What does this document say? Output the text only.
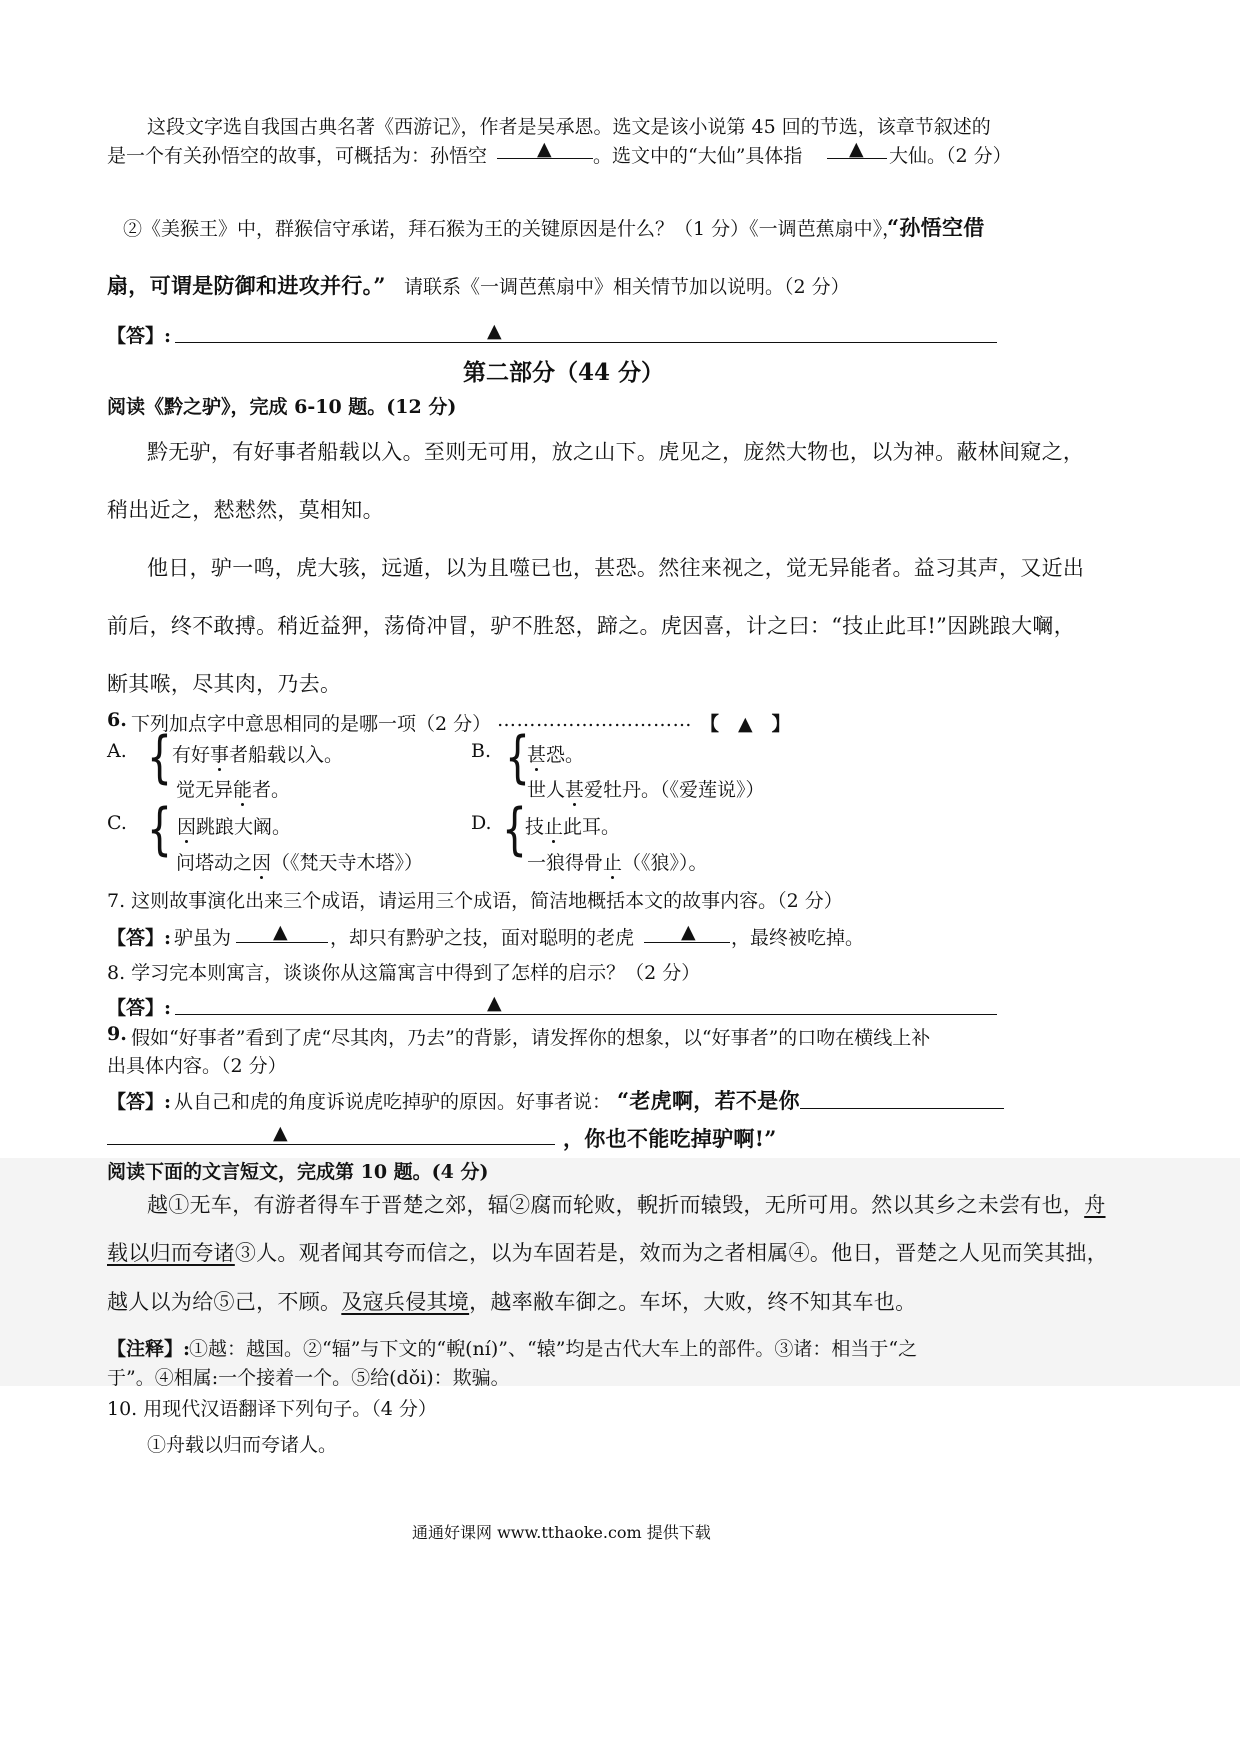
这段文字选自我国古典名著《西游记》，作者是吴承恩。选文是该小说第 45 回的节选，该章节叙述的
是一个有关孙悟空的故事，可概括为：孙悟空	▲ 。选文中的“大仙”具体指 ▲ 大仙。（2 分）
②《美猴王》中，群猴信守承诺，拜石猴为王的关键原因是什么？（1 分）《一调芭蕉扇中》，
“孙悟空借
扇，可谓是防御和进攻并行。” 请联系《一调芭蕉扇中》相关情节加以说明。（2 分）
【答】:	▲
第二部分（44 分）
阅读《黔之驴》，完成 6-10 题。(12 分)
黔无驴，有好事者船载以入。至则无可用，放之山下。虎见之，庞然大物也，以为神。蔽林间窥之，
稍出近之，慭慭然，莫相知。
他日，驴一鸣，虎大骇，远遁，以为且噬已也，甚恐。然往来视之，觉无异能者。益习其声，又近出
前后，终不敢搏。稍近益狎，荡倚冲冒，驴不胜怒，蹄之。虎因喜，计之曰：“技止此耳!”因跳踉大㘎，
断其喉，尽其肉，乃去。
6. 下列加点字中意思相同的是哪一项（2 分） ………………………… 【　▲　】
A. { 有好事者船载以入。
觉无异能者。
B. {
甚恐。
世人甚爱牡丹。（《爱莲说》）
C. { 因跳踉大阚。
问塔动之因（《梵天寺木塔》）
D. {
技止此耳。
一狼得骨止（《狼》）。
7. 这则故事演化出来三个成语，请运用三个成语，简洁地概括本文的故事内容。（2 分）
【答】: 驴虽为 ▲ ，却只有黔驴之技，面对聪明的老虎 ▲ ，最终被吃掉。
8. 学习完本则寓言，谈谈你从这篇寓言中得到了怎样的启示？（2 分）
【答】:	▲
9. 假如“好事者”看到了虎“尽其肉，乃去”的背影，请发挥你的想象，以“好事者”的口吻在横线上补
出具体内容。（2 分）
【答】: 从自己和虎的角度诉说虎吃掉驴的原因。好事者说： “老虎啊，若不是你
▲	，你也不能吃掉驴啊!”
阅读下面的文言短文，完成第 10 题。(4 分)
越①无车，有游者得车于晋楚之郊，辐②腐而轮败，輗折而辕毁，无所可用。然以其乡之未尝有也，舟
载以归而夸诸③人。观者闻其夸而信之，以为车固若是，效而为之者相属④。他日，晋楚之人见而笑其拙，
越人以为给⑤己，不顾。及寇兵侵其境，越率敝车御之。车坏，大败，终不知其车也。
【注释】:
①越：越国。②“辐”与下文的“輗(ní)”、“辕”均是古代大车上的部件。③诸：相当于“之
于”。④相属:一个接着一个。⑤给(dǒi)：欺骗。
10. 用现代汉语翻译下列句子。（4 分）
①舟载以归而夸诸人。
通通好课网 www.tthaoke.com 提供下载
